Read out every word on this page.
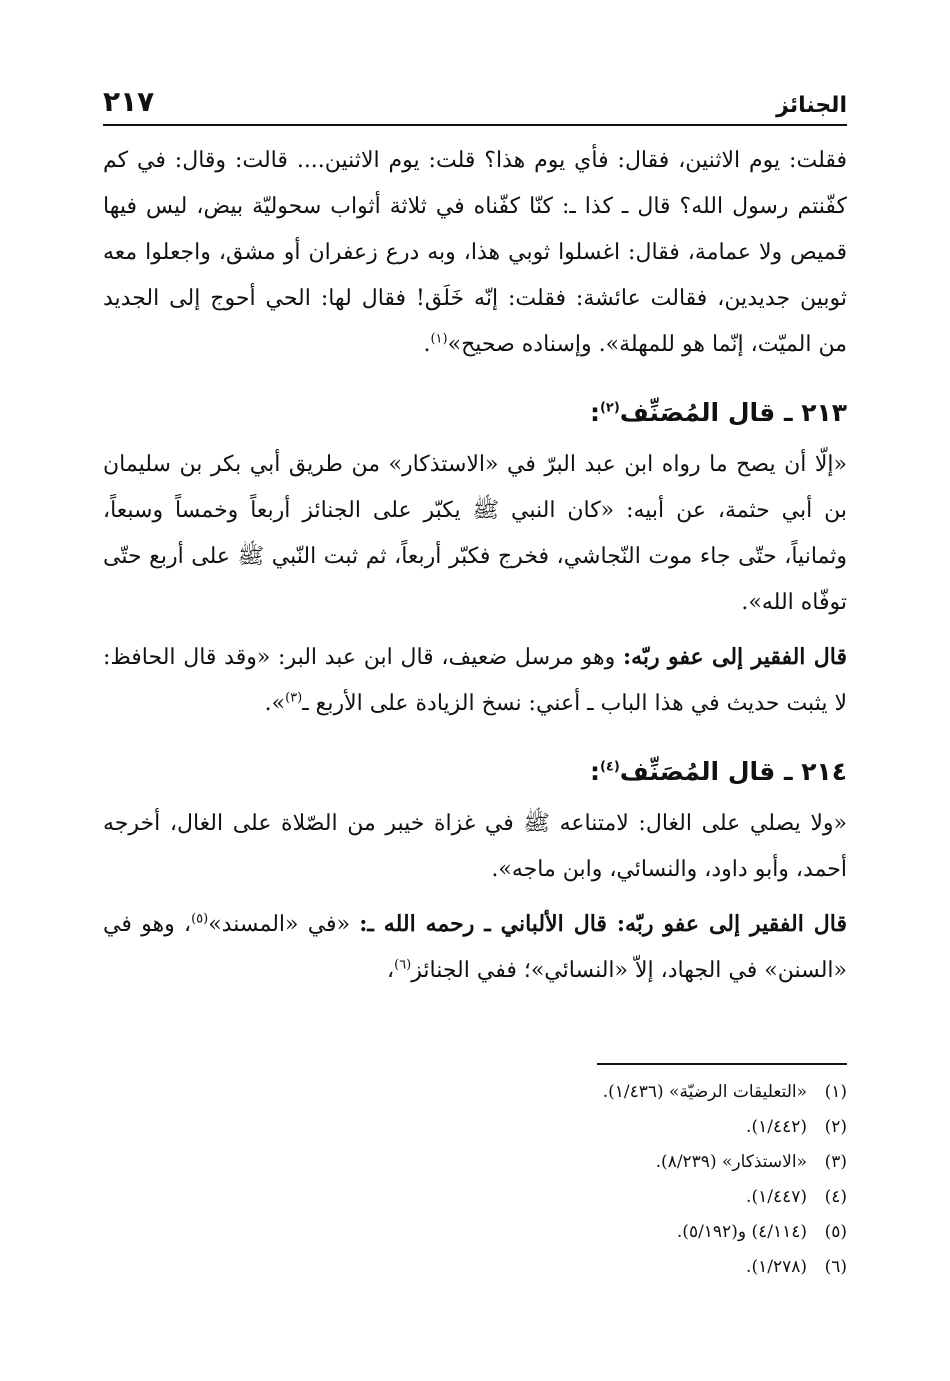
الجنائز
٢١٧

فقلت: يوم الاثنين، فقال: فأي يوم هذا؟ قلت: يوم الاثنين.... قالت: وقال: في كم كفّنتم رسول الله؟ قال ـ كذا ـ: كنّا كفّناه في ثلاثة أثواب سحوليّة بيض، ليس فيها قميص ولا عمامة، فقال: اغسلوا ثوبي هذا، وبه درع زعفران أو مشق، واجعلوا معه ثوبين جديدين، فقالت عائشة: فقلت: إنّه خَلَق! فقال لها: الحي أحوج إلى الجديد من الميّت، إنّما هو للمهلة». وإسناده صحيح»$^{(١)}$.

٢١٣ ـ قال المُصَنِّف$^{(٢)}$:

«إلّا أن يصح ما رواه ابن عبد البرّ في «الاستذكار» من طريق أبي بكر بن سليمان بن أبي حثمة، عن أبيه: «كان النبي ﷺ يكبّر على الجنائز أربعاً وخمساً وسبعاً، وثمانياً، حتّى جاء موت النّجاشي، فخرج فكبّر أربعاً، ثم ثبت النّبي ﷺ على أربع حتّى توفّاه الله».

قال الفقير إلى عفو ربّه: وهو مرسل ضعيف، قال ابن عبد البر: «وقد قال الحافظ: لا يثبت حديث في هذا الباب ـ أعني: نسخ الزيادة على الأربع ـ$^{(٣)}$».

٢١٤ ـ قال المُصَنِّف$^{(٤)}$:

«ولا يصلي على الغال: لامتناعه ﷺ في غزاة خيبر من الصّلاة على الغال، أخرجه أحمد، وأبو داود، والنسائي، وابن ماجه».

قال الفقير إلى عفو ربّه: قال الألباني ـ رحمه الله ـ: «في «المسند»$^{(٥)}$، وهو في «السنن» في الجهاد، إلاّ «النسائي»؛ ففي الجنائز$^{(٦)}$،

(١)
«التعليقات الرضيّة» (١/٤٣٦).
(٢)
(١/٤٤٢).
(٣)
«الاستذكار» (٨/٢٣٩).
(٤)
(١/٤٤٧).
(٥)
(٤/١١٤) و(٥/١٩٢).
(٦)
(١/٢٧٨).
